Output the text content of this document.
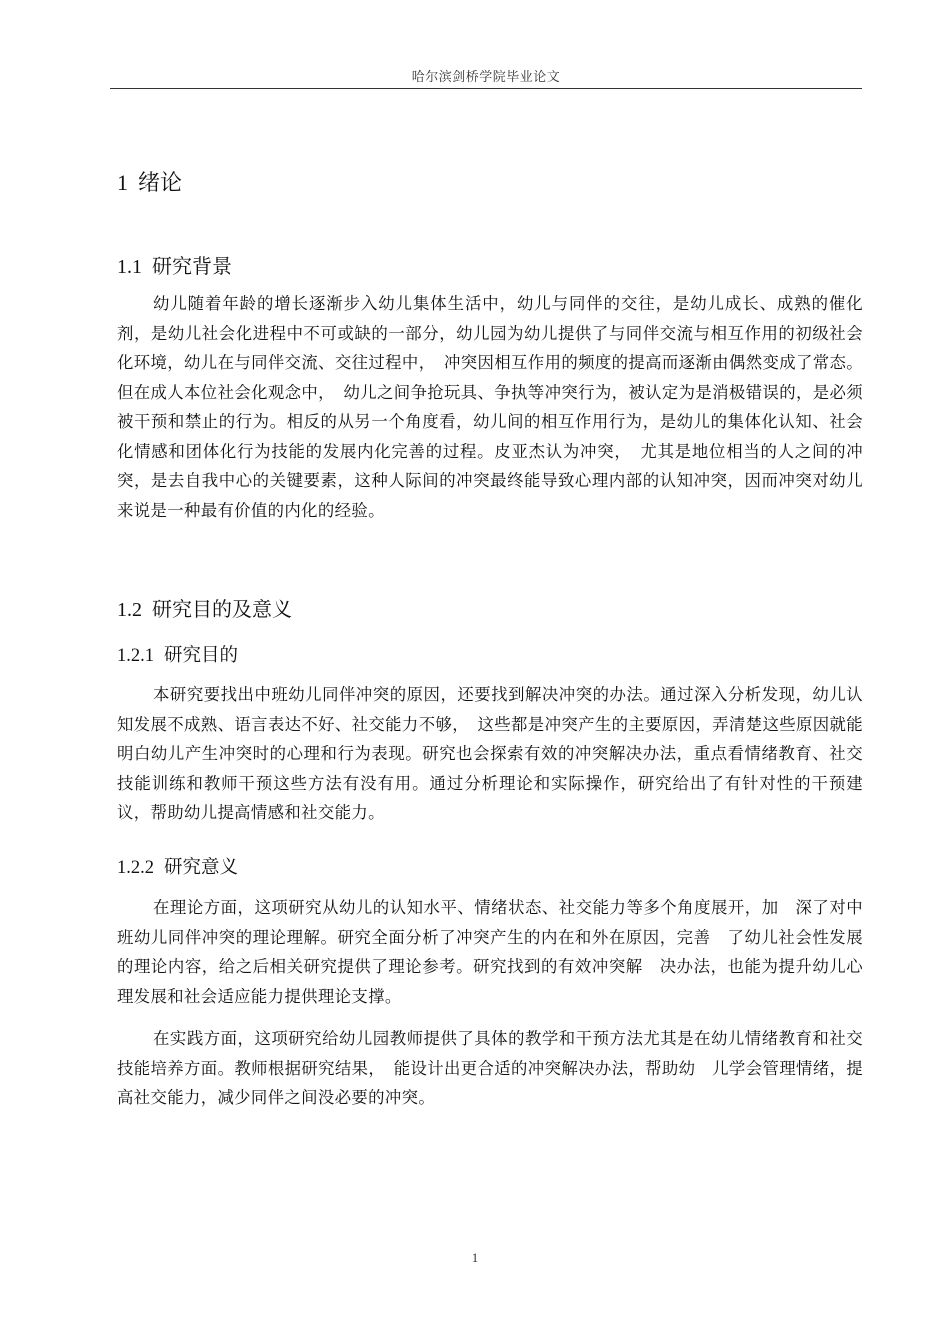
哈尔滨剑桥学院毕业论文
1 绪论
1.1 研究背景

幼儿随着年龄的增长逐渐步入幼儿集体生活中，幼儿与同伴的交往，是幼儿成长、成熟的催化剂，是幼儿社会化进程中不可或缺的一部分，幼儿园为幼儿提供了与同伴交流与相互作用的初级社会化环境，幼儿在与同伴交流、交往过程中，　冲突因相互作用的频度的提高而逐渐由偶然变成了常态。但在成人本位社会化观念中，　幼儿之间争抢玩具、争执等冲突行为，被认定为是消极错误的，是必须被干预和禁止的行为。相反的从另一个角度看，幼儿间的相互作用行为，是幼儿的集体化认知、社会化情感和团体化行为技能的发展内化完善的过程。皮亚杰认为冲突，　尤其是地位相当的人之间的冲突，是去自我中心的关键要素，这种人际间的冲突最终能导致心理内部的认知冲突，因而冲突对幼儿来说是一种最有价值的内化的经验。

1.2 研究目的及意义
1.2.1 研究目的

本研究要找出中班幼儿同伴冲突的原因，还要找到解决冲突的办法。通过深入分析发现，幼儿认知发展不成熟、语言表达不好、社交能力不够，　这些都是冲突产生的主要原因，弄清楚这些原因就能明白幼儿产生冲突时的心理和行为表现。研究也会探索有效的冲突解决办法，重点看情绪教育、社交技能训练和教师干预这些方法有没有用。通过分析理论和实际操作，研究给出了有针对性的干预建议，帮助幼儿提高情感和社交能力。

1.2.2 研究意义

在理论方面，这项研究从幼儿的认知水平、情绪状态、社交能力等多个角度展开，加　深了对中班幼儿同伴冲突的理论理解。研究全面分析了冲突产生的内在和外在原因，完善　了幼儿社会性发展的理论内容，给之后相关研究提供了理论参考。研究找到的有效冲突解　决办法，也能为提升幼儿心理发展和社会适应能力提供理论支撑。

在实践方面，这项研究给幼儿园教师提供了具体的教学和干预方法尤其是在幼儿情绪教育和社交技能培养方面。教师根据研究结果，　能设计出更合适的冲突解决办法，帮助幼　儿学会管理情绪，提高社交能力，减少同伴之间没必要的冲突。

1
